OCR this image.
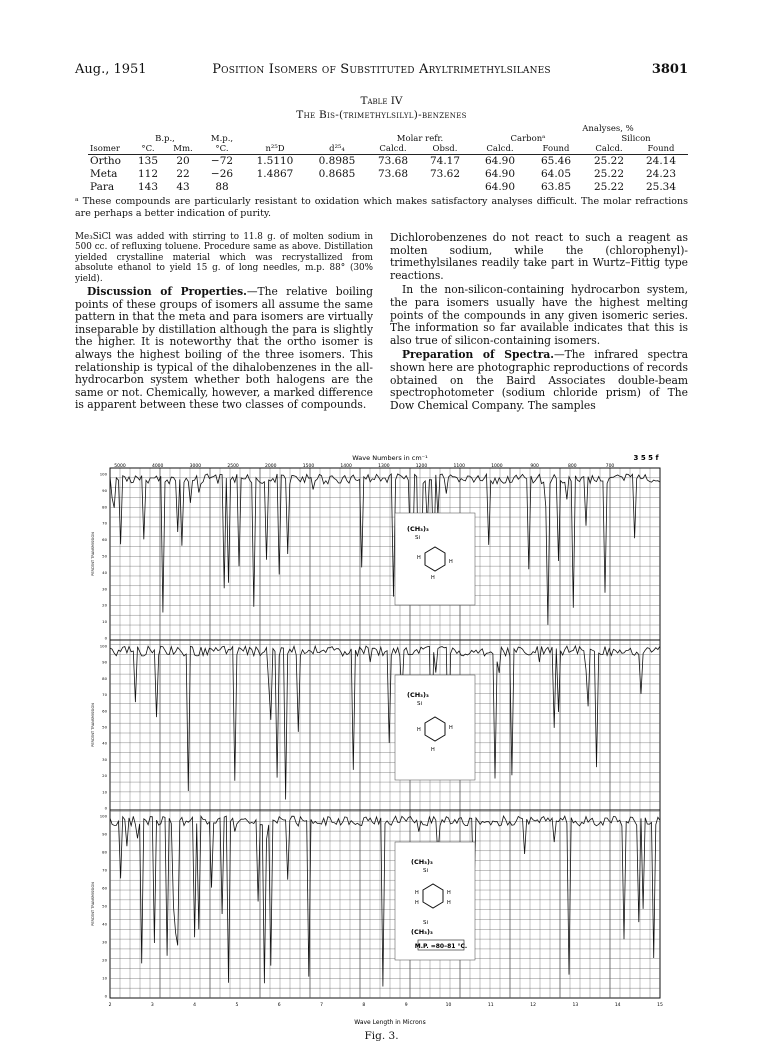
Aug., 1951	Position Isomers of Substituted Aryltrimethylsilanes	3801
Table IV
The Bis-(trimethylsilyl)-benzenes
									Analyses, %		
	B.p.,		M.p.,			Molar refr.		Carbonᵃ		Silicon	
Isomer	°C.	Mm.	°C.	n²⁵D	d²⁵₄	Calcd.	Obsd.	Calcd.	Found	Calcd.	Found

Ortho	135	20	−72	1.5110	0.8985	73.68	74.17	64.90	65.46	25.22	24.14
Meta	112	22	−26	1.4867	0.8685	73.68	73.62	64.90	64.05	25.22	24.23
Para	143	43	88					64.90	63.85	25.22	25.34
ᵃ These compounds are particularly resistant to oxidation which makes satisfactory analyses difficult. The molar refractions are perhaps a better indication of purity.

Me₃SiCl was added with stirring to 11.8 g. of molten sodium in 500 cc. of refluxing toluene. Procedure same as above. Distillation yielded crystalline material which was recrystallized from absolute ethanol to yield 15 g. of long needles, m.p. 88° (30% yield).

Discussion of Properties.—The relative boiling points of these groups of isomers all assume the same pattern in that the meta and para isomers are virtually inseparable by distillation although the para is slightly the higher. It is noteworthy that the ortho isomer is always the highest boiling of the three isomers. This relationship is typical of the dihalobenzenes in the all-hydrocarbon system whether both halogens are the same or not. Chemically, however, a marked difference is apparent between these two classes of compounds.

Dichlorobenzenes do not react to such a reagent as molten sodium, while the (chlorophenyl)-trimethylsilanes readily take part in Wurtz–Fittig type reactions.

In the non-silicon-containing hydrocarbon system, the para isomers usually have the highest melting points of the compounds in any given isomeric series. The information so far available indicates that this is also true of silicon-containing isomers.

Preparation of Spectra.—The infrared spectra shown here are photographic reproductions of records obtained on the Baird Associates double-beam spectrophotometer (sodium chloride prism) of The Dow Chemical Company. The samples

Wave Numbers in cm⁻¹	3 5 5 f
5000	4000	3000	2500	2000	1500	1400	1300	1200	1100	1000	900	800	700
100
90
80
70
60
50
40
30
20
10
0
100
90
80
70
60
50
40
30
20
10
0
100
90
80
70
60
50
40
30
20
10
0
PERCENT TRANSMISSION
PERCENT TRANSMISSION
PERCENT TRANSMISSION
(CH₃)₃
Si
H
H
H
(CH₃)₃
Si
H	H
H
(CH₃)₃
Si
H	H
H	H
Si
(CH₃)₃
M.P. =80–81 °C.
2	3	4	5	6	7	8	9	10	11	12	13	14	15
Wave Length in Microns
Fig. 3.
